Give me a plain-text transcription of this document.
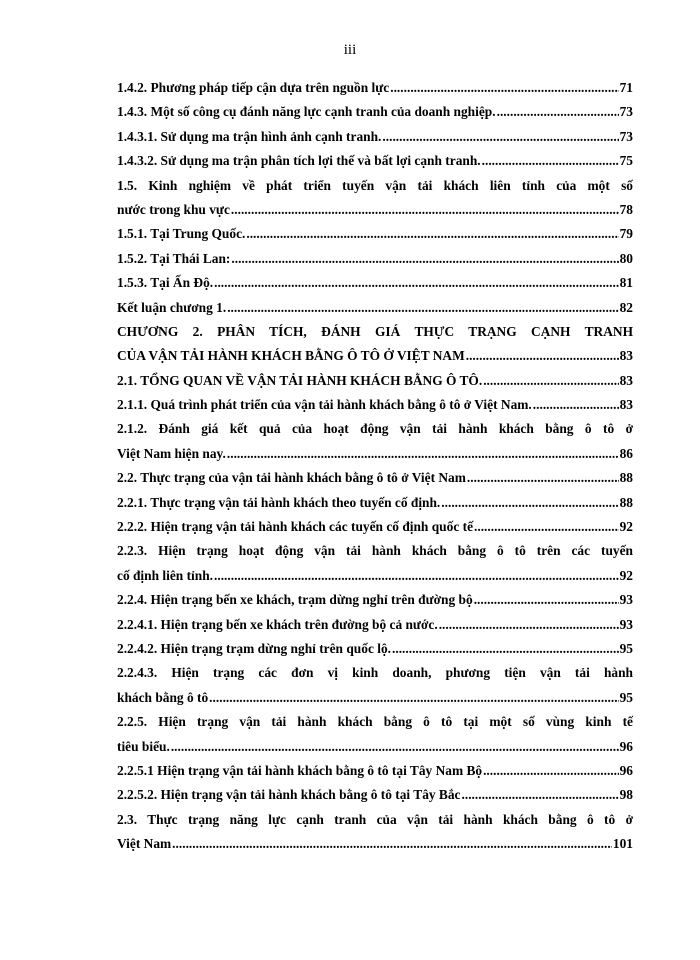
iii
1.4.2. Phương pháp tiếp cận dựa trên nguồn lực .....	71
1.4.3. Một số công cụ đánh năng lực cạnh tranh của doanh nghiệp. .....	73
1.4.3.1. Sử dụng ma trận hình ảnh cạnh tranh. .....	73
1.4.3.2. Sử dụng ma trận phân tích lợi thế và bất lợi cạnh tranh. .....	75
1.5. Kinh nghiệm về phát triển tuyến vận tải khách liên tỉnh của một số
nước trong khu vực .....	78
1.5.1. Tại Trung Quốc. .....	79
1.5.2. Tại Thái Lan: .....	80
1.5.3. Tại Ấn Độ. .....	81
Kết luận chương 1. .....	82
CHƯƠNG 2. PHÂN TÍCH, ĐÁNH GIÁ THỰC TRẠNG CẠNH TRANH
CỦA VẬN TẢI HÀNH KHÁCH BẰNG Ô TÔ Ở VIỆT NAM .....	83
2.1. TỔNG QUAN VỀ VẬN TẢI HÀNH KHÁCH BẰNG Ô TÔ. .....	83
2.1.1. Quá trình phát triển của vận tải hành khách bằng ô tô ở Việt Nam. .....	83
2.1.2. Đánh giá kết quả của hoạt động vận tải hành khách bằng ô tô ở
Việt Nam hiện nay. .....	86
2.2. Thực trạng của vận tải hành khách bằng ô tô ở Việt Nam .....	88
2.2.1. Thực trạng vận tải hành khách theo tuyến cố định. .....	88
2.2.2. Hiện trạng vận tải hành khách các tuyến cố định quốc tế .....	92
2.2.3. Hiện trạng hoạt động vận tải hành khách bằng ô tô trên các tuyến
cố định liên tỉnh. .....	92
2.2.4. Hiện trạng bến xe khách, trạm dừng nghỉ trên đường bộ .....	93
2.2.4.1. Hiện trạng bến xe khách trên đường bộ cả nước. .....	93
2.2.4.2. Hiện trạng trạm dừng nghỉ trên quốc lộ. .....	95
2.2.4.3. Hiện trạng các đơn vị kinh doanh, phương tiện vận tải hành
khách bằng ô tô .....	95
2.2.5. Hiện trạng vận tải hành khách bằng ô tô tại một số vùng kinh tế
tiêu biểu. .....	96
2.2.5.1 Hiện trạng vận tải hành khách bằng ô tô tại Tây Nam Bộ .....	96
2.2.5.2. Hiện trạng vận tải hành khách bằng ô tô tại Tây Bắc .....	98
2.3. Thực trạng năng lực cạnh tranh của vận tải hành khách bằng ô tô ở
Việt Nam .....	101
